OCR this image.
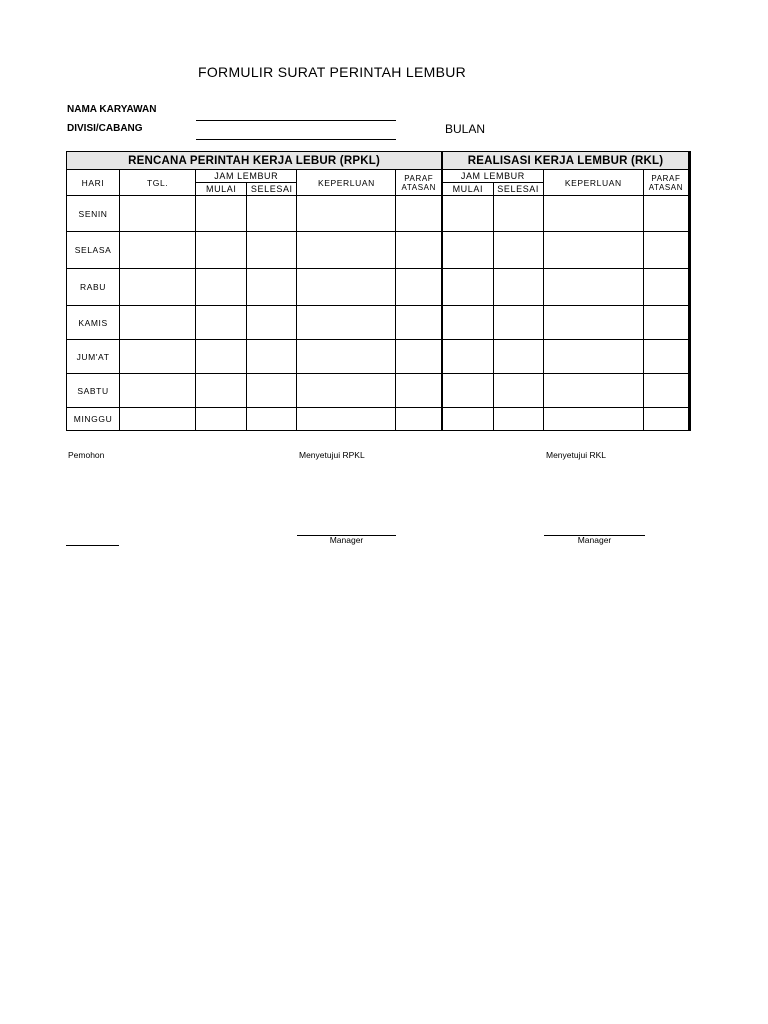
FORMULIR SURAT PERINTAH LEMBUR
NAMA KARYAWAN
DIVISI/CABANG	BULAN
RENCANA PERINTAH KERJA LEBUR (RPKL)						REALISASI KERJA LEMBUR (RKL)			
HARI	TGL.	JAM LEMBUR		KEPERLUAN	PARAF ATASAN	JAM LEMBUR		KEPERLUAN	PARAF ATASAN
		MULAI	SELESAI			MULAI	SELESAI		
SENIN									
SELASA									
RABU									
KAMIS									
JUM'AT									
SABTU									
MINGGU									
Pemohon	Menyetujui RPKL	Menyetujui RKL
Manager	Manager
